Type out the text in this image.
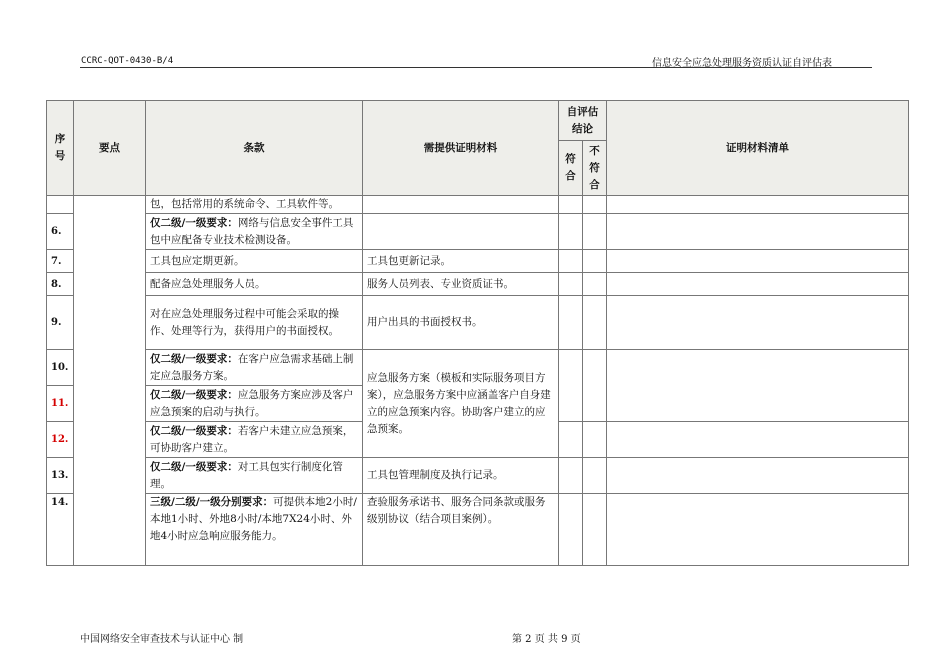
CCRC-QOT-0430-B/4	信息安全应急处理服务资质认证自评估表
序号	要点	条款	需提供证明材料	自评估结论		证明材料清单
				符合	不符合	
		包，包括常用的系统命令、工具软件等。				
6.		仅二级/一级要求：网络与信息安全事件工具包中应配备专业技术检测设备。				
7.		工具包应定期更新。	工具包更新记录。			
8.		配备应急处理服务人员。	服务人员列表、专业资质证书。			
9.		对在应急处理服务过程中可能会采取的操作、处理等行为，获得用户的书面授权。	用户出具的书面授权书。			
10.		仅二级/一级要求：在客户应急需求基础上制定应急服务方案。	应急服务方案（模板和实际服务项目方案），应急服务方案中应涵盖客户自身建立的应急预案内容。协助客户建立的应急预案。			
11.		仅二级/一级要求：应急服务方案应涉及客户应急预案的启动与执行。				
12.		仅二级/一级要求：若客户未建立应急预案，可协助客户建立。				
13.		仅二级/一级要求：对工具包实行制度化管理。	工具包管理制度及执行记录。			
14.		三级/二级/一级分别要求：可提供本地2小时/本地1小时、外地8小时/本地7X24小时、外地4小时应急响应服务能力。	查验服务承诺书、服务合同条款或服务级别协议（结合项目案例）。			
中国网络安全审查技术与认证中心 制	第 2 页 共 9 页
